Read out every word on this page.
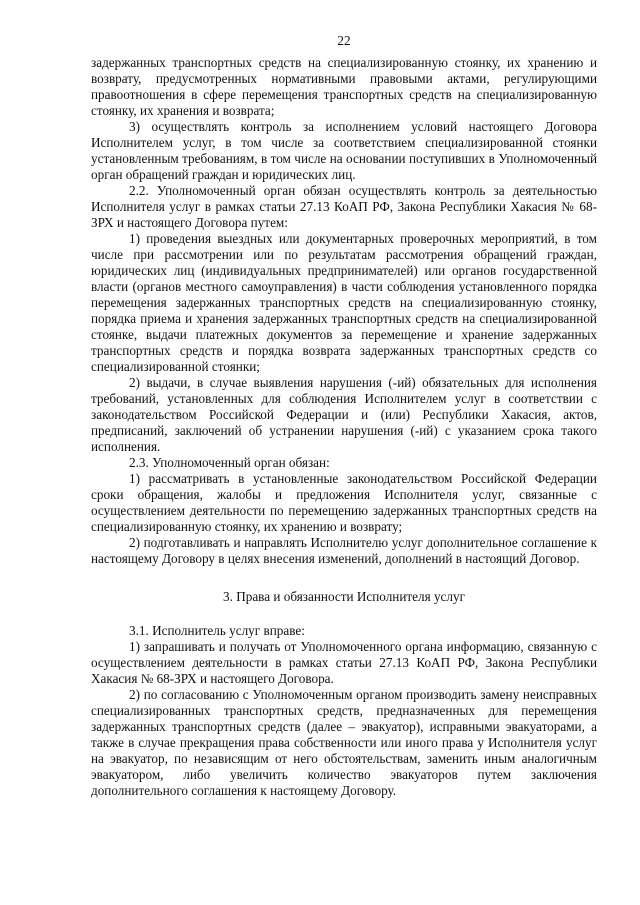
22

задержанных транспортных средств на специализированную стоянку, их хранению и возврату, предусмотренных нормативными правовыми актами, регулирующими правоотношения в сфере перемещения транспортных средств на специализированную стоянку, их хранения и возврата;

3) осуществлять контроль за исполнением условий настоящего Договора Исполнителем услуг, в том числе за соответствием специализированной стоянки установленным требованиям, в том числе на основании поступивших в Уполномоченный орган обращений граждан и юридических лиц.

2.2. Уполномоченный орган обязан осуществлять контроль за деятельностью Исполнителя услуг в рамках статьи 27.13 КоАП РФ, Закона Республики Хакасия № 68-ЗРХ и настоящего Договора путем:

1) проведения выездных или документарных проверочных мероприятий, в том числе при рассмотрении или по результатам рассмотрения обращений граждан, юридических лиц (индивидуальных предпринимателей) или органов государственной власти (органов местного самоуправления) в части соблюдения установленного порядка перемещения задержанных транспортных средств на специализированную стоянку, порядка приема и хранения задержанных транспортных средств на специализированной стоянке, выдачи платежных документов за перемещение и хранение задержанных транспортных средств и порядка возврата задержанных транспортных средств со специализированной стоянки;

2) выдачи, в случае выявления нарушения (-ий) обязательных для исполнения требований, установленных для соблюдения Исполнителем услуг в соответствии с законодательством Российской Федерации и (или) Республики Хакасия, актов, предписаний, заключений об устранении нарушения (-ий) с указанием срока такого исполнения.

2.3. Уполномоченный орган обязан:

1) рассматривать в установленные законодательством Российской Федерации сроки обращения, жалобы и предложения Исполнителя услуг, связанные с осуществлением деятельности по перемещению задержанных транспортных средств на специализированную стоянку, их хранению и возврату;

2) подготавливать и направлять Исполнителю услуг дополнительное соглашение к настоящему Договору в целях внесения изменений, дополнений в настоящий Договор.

3. Права и обязанности Исполнителя услуг

3.1. Исполнитель услуг вправе:

1) запрашивать и получать от Уполномоченного органа информацию, связанную с осуществлением деятельности в рамках статьи 27.13 КоАП РФ, Закона Республики Хакасия № 68-ЗРХ и настоящего Договора.

2) по согласованию с Уполномоченным органом производить замену неисправных специализированных транспортных средств, предназначенных для перемещения задержанных транспортных средств (далее – эвакуатор), исправными эвакуаторами, а также в случае прекращения права собственности или иного права у Исполнителя услуг на эвакуатор, по независящим от него обстоятельствам, заменить иным аналогичным эвакуатором, либо увеличить количество эвакуаторов путем заключения дополнительного соглашения к настоящему Договору.
